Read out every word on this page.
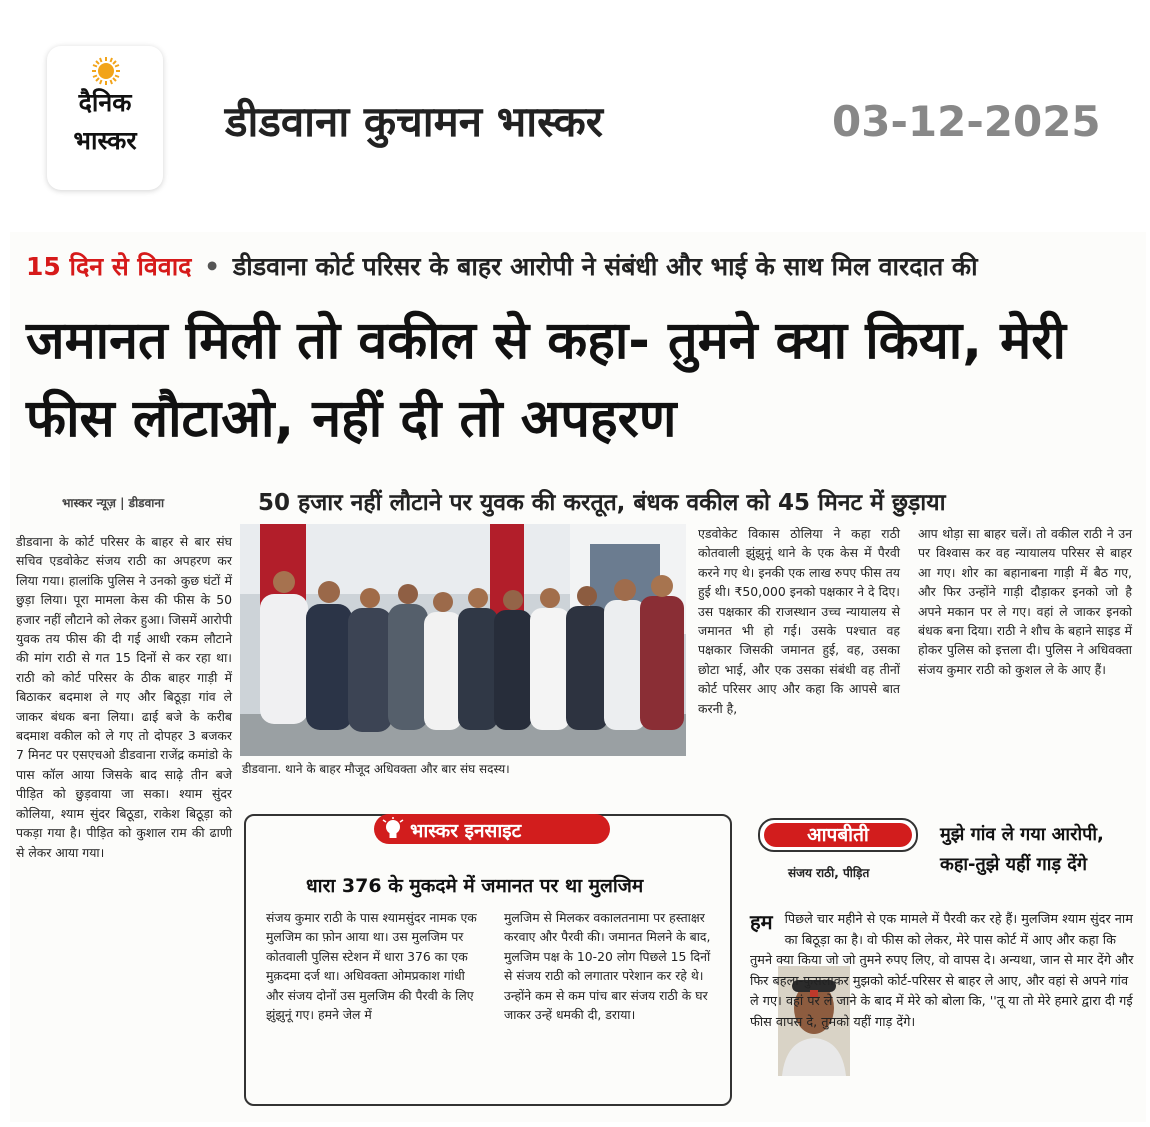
दैनिक
भास्कर	डीडवाना कुचामन भास्कर	03-12-2025
15 दिन से विवाद • डीडवाना कोर्ट परिसर के बाहर आरोपी ने संबंधी और भाई के साथ मिल वारदात की
जमानत मिली तो वकील से कहा- तुमने क्या किया, मेरी फीस लौटाओ, नहीं दी तो अपहरण
भास्कर न्यूज़ | डीडवाना	50 हजार नहीं लौटाने पर युवक की करतूत, बंधक वकील को 45 मिनट में छुड़ाया
डीडवाना के कोर्ट परिसर के बाहर से बार संघ सचिव एडवोकेट संजय राठी का अपहरण कर लिया गया। हालांकि पुलिस ने उनको कुछ घंटों में छुड़ा लिया। पूरा मामला केस की फीस के 50 हजार नहीं लौटाने को लेकर हुआ। जिसमें आरोपी युवक तय फीस की दी गई आधी रकम लौटाने की मांग राठी से गत 15 दिनों से कर रहा था। राठी को कोर्ट परिसर के ठीक बाहर गाड़ी में बिठाकर बदमाश ले गए और बिठूड़ा गांव ले जाकर बंधक बना लिया। ढाई बजे के करीब बदमाश वकील को ले गए तो दोपहर 3 बजकर 7 मिनट पर एसएचओ डीडवाना राजेंद्र कमांडो के पास कॉल आया जिसके बाद साढ़े तीन बजे पीड़ित को छुड़वाया जा सका। श्याम सुंदर कोलिया, श्याम सुंदर बिठूडा, राकेश बिठूड़ा को पकड़ा गया है। पीड़ित को कुशाल राम की ढाणी से लेकर आया गया।
डीडवाना. थाने के बाहर मौजूद अधिवक्ता और बार संघ सदस्य।
एडवोकेट विकास ठोलिया ने कहा राठी कोतवाली झुंझुनूं थाने के एक केस में पैरवी करने गए थे। इनकी एक लाख रुपए फीस तय हुई थी। ₹50,000 इनको पक्षकार ने दे दिए। उस पक्षकार की राजस्थान उच्च न्यायालय से जमानत भी हो गई। उसके पश्चात वह पक्षकार जिसकी जमानत हुई, वह, उसका छोटा भाई, और एक उसका संबंधी वह तीनों कोर्ट परिसर आए और कहा कि आपसे बात करनी है,
आप थोड़ा सा बाहर चलें। तो वकील राठी ने उन पर विश्वास कर वह न्यायालय परिसर से बाहर आ गए। शोर का बहानाबना गाड़ी में बैठ गए, और फिर उन्होंने गाड़ी दौड़ाकर इनको जो है अपने मकान पर ले गए। वहां ले जाकर इनको बंधक बना दिया। राठी ने शौच के बहाने साइड में होकर पुलिस को इत्तला दी। पुलिस ने अधिवक्ता संजय कुमार राठी को कुशल ले के आए हैं।
भास्कर इनसाइट
धारा 376 के मुकदमे में जमानत पर था मुलजिम
संजय कुमार राठी के पास श्यामसुंदर नामक एक मुलजिम का फ़ोन आया था। उस मुलजिम पर कोतवाली पुलिस स्टेशन में धारा 376 का एक मुक़दमा दर्ज था। अधिवक्ता ओमप्रकाश गांधी और संजय दोनों उस मुलजिम की पैरवी के लिए झुंझुनूं गए। हमने जेल में
मुलजिम से मिलकर वकालतनामा पर हस्ताक्षर करवाए और पैरवी की। जमानत मिलने के बाद, मुलजिम पक्ष के 10-20 लोग पिछले 15 दिनों से संजय राठी को लगातार परेशान कर रहे थे। उन्होंने कम से कम पांच बार संजय राठी के घर जाकर उन्हें धमकी दी, डराया।
आपबीती
संजय राठी, पीड़ित
मुझे गांव ले गया आरोपी,
कहा-तुझे यहीं गाड़ देंगे
हम पिछले चार महीने से एक मामले में पैरवी कर रहे हैं। मुलजिम श्याम सुंदर नाम का बिठूड़ा का है। वो फीस को लेकर, मेरे पास कोर्ट में आए और कहा कि तुमने क्या किया जो जो तुमने रुपए लिए, वो वापस दे। अन्यथा, जान से मार देंगे और फिर बहला-फुसलाकर मुझको कोर्ट-परिसर से बाहर ले आए, और वहां से अपने गांव ले गए। वहां पर ले जाने के बाद में मेरे को बोला कि, ''तू या तो मेरे हमारे द्वारा दी गई फीस वापस दे, तुमको यहीं गाड़ देंगे।
